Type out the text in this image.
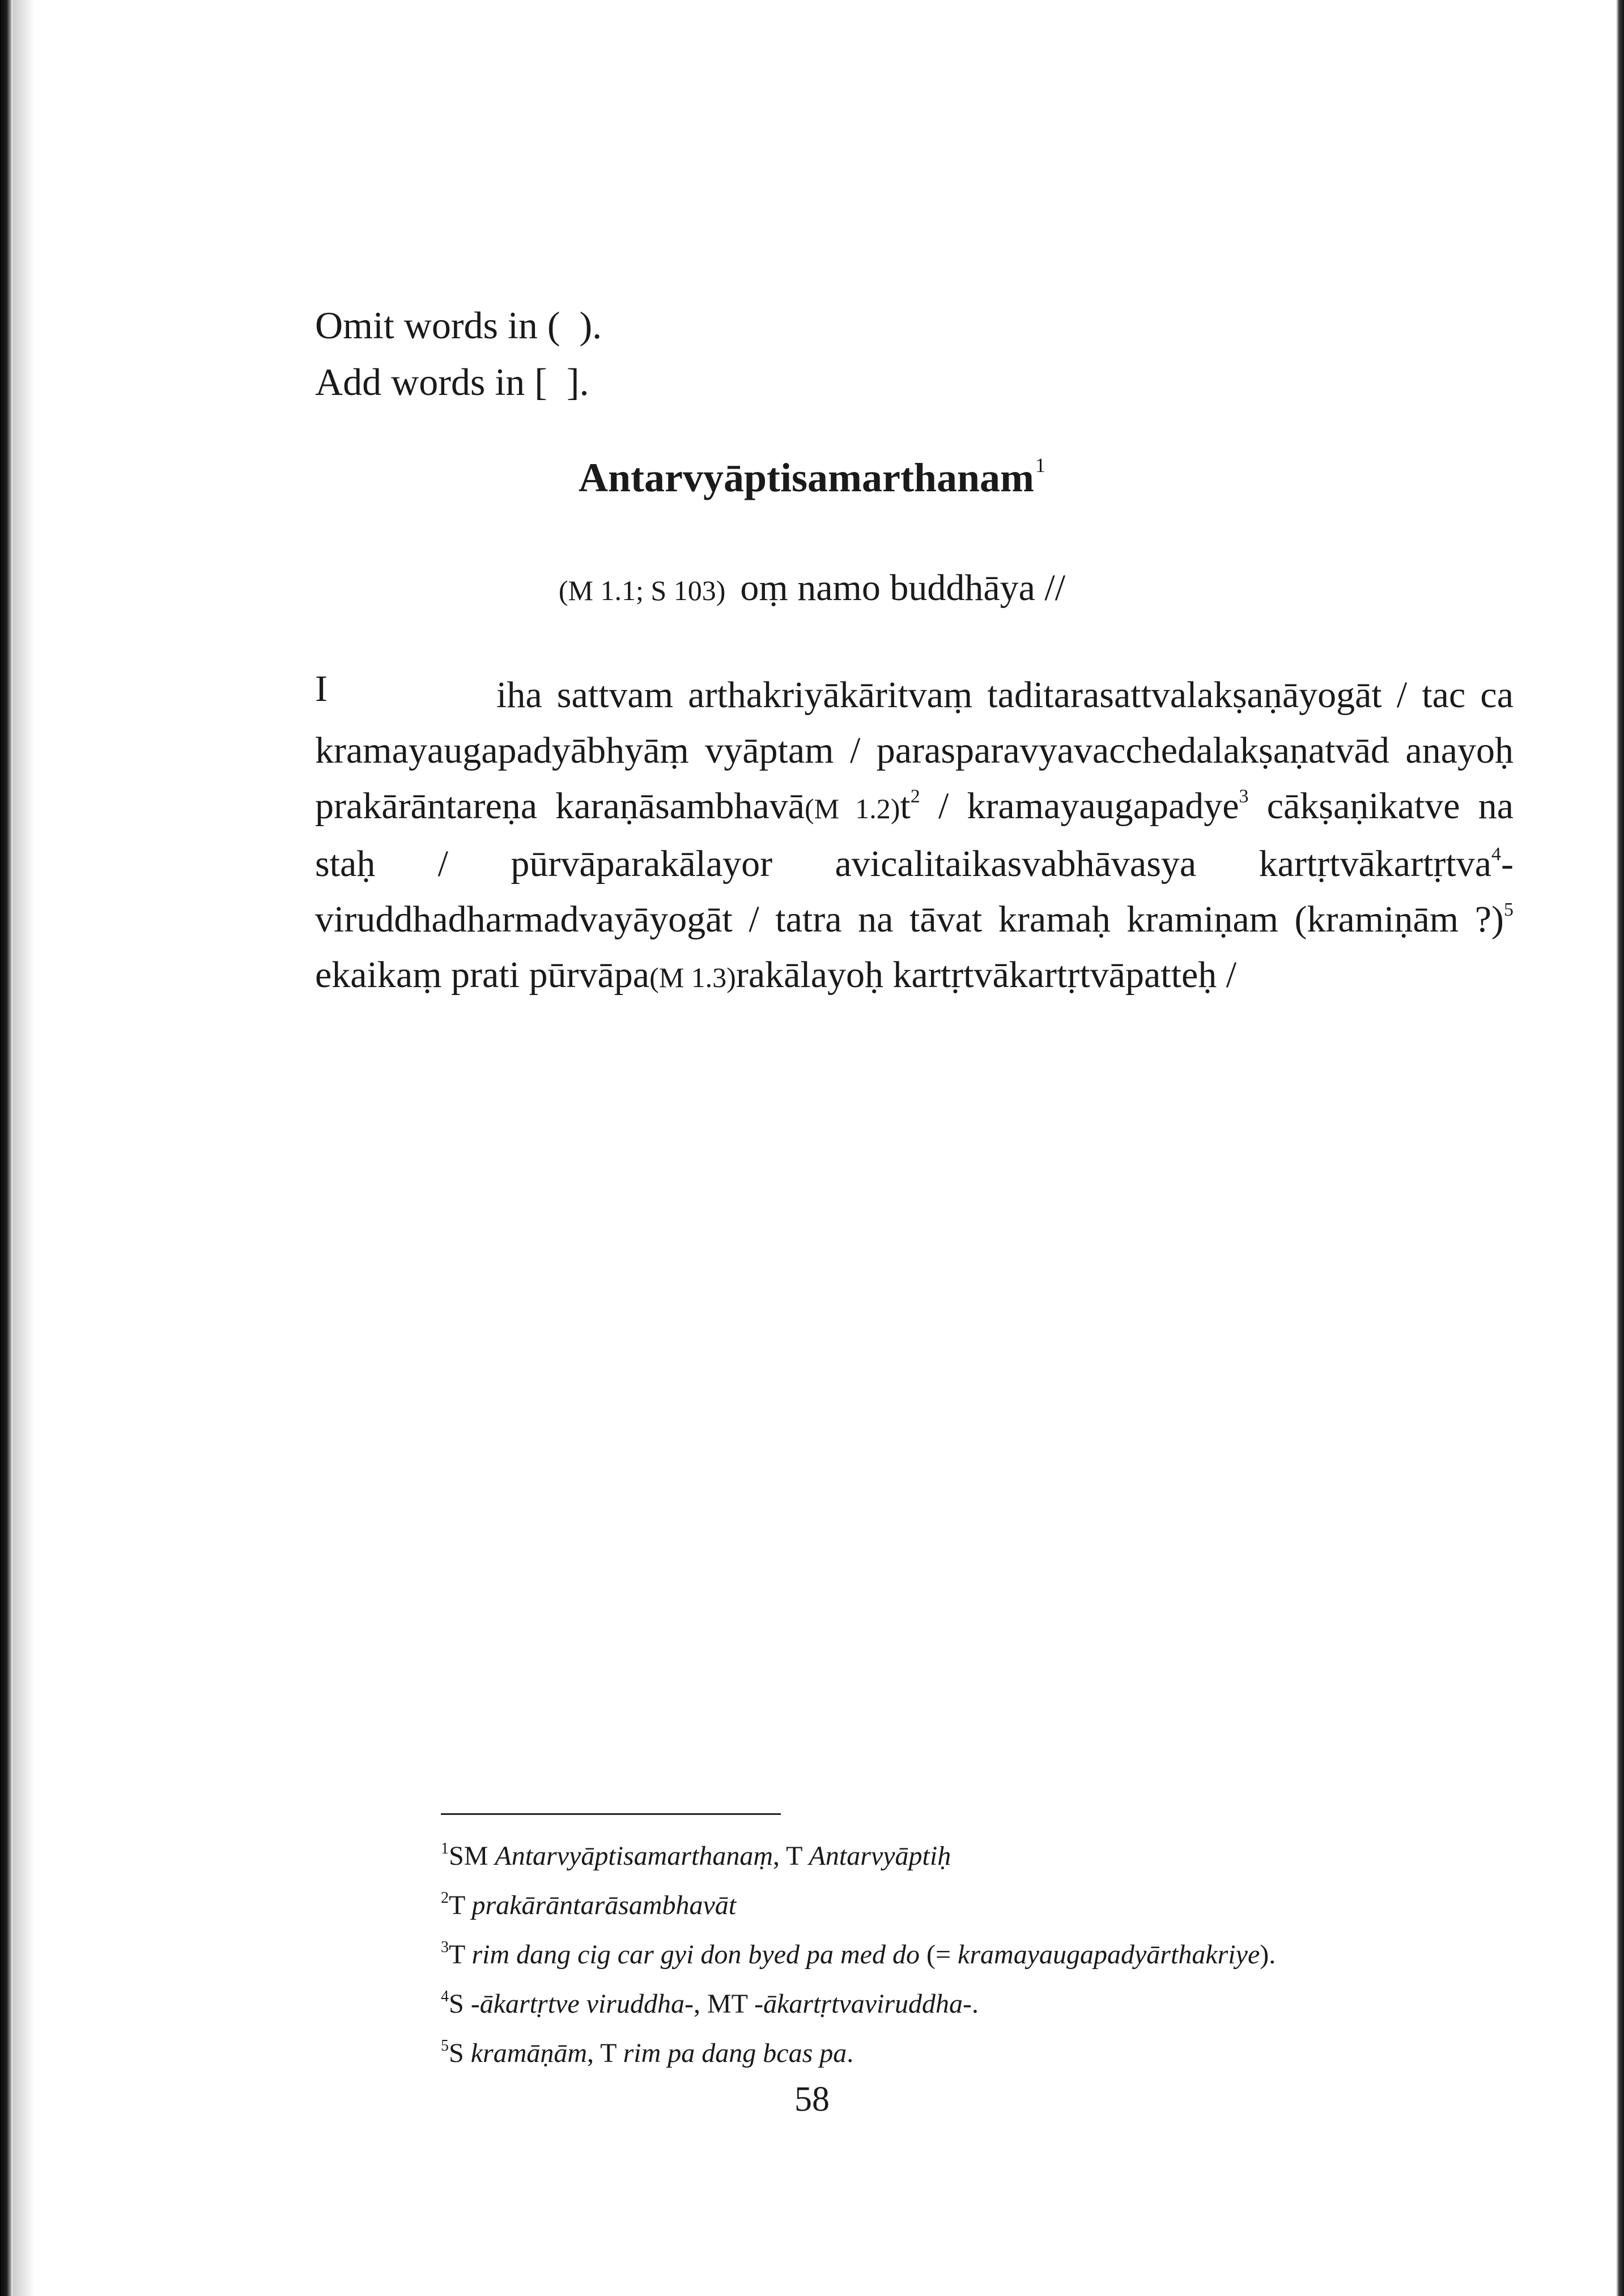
Omit words in (  ).
Add words in [  ].
Antarvyāptisamarthanam$^1$
(M 1.1; S 103) oṃ namo buddhāya //
I	iha sattvam arthakriyākāritvaṃ taditarasattvalakṣaṇāyogāt / tac ca kramayaugapadyābhyāṃ vyāptam / parasparavyavacchedalakṣaṇatvād anayoḥ prakārāntareṇa karaṇāsambhavā(M $1.2)t^2$ / kramayaugapadye$^3$ cākṣaṇikatve na staḥ / pūrvāparakālayor avicalitaikasvabhāvasya kartṛtvākartṛtva$^4$-viruddhadharmadvayāyogāt / tatra na tāvat kramaḥ kramiṇam (kramiṇām ?)$^5$ ekaikaṃ prati pūrvāpa(M 1.3)rakālayoḥ kartṛtvākartṛtvāpatteḥ /
$^1$SM Antarvyāptisamarthanaṃ, T Antarvyāptiḥ
$^2$T prakārāntarāsambhavāt
$^3$T rim dang cig car gyi don byed pa med do (= kramayaugapadyārthakriye).
$^4$S -ākartṛtve viruddha-, MT -ākartṛtvaviruddha-.
$^5$S kramāṇām, T rim pa dang bcas pa.
58
